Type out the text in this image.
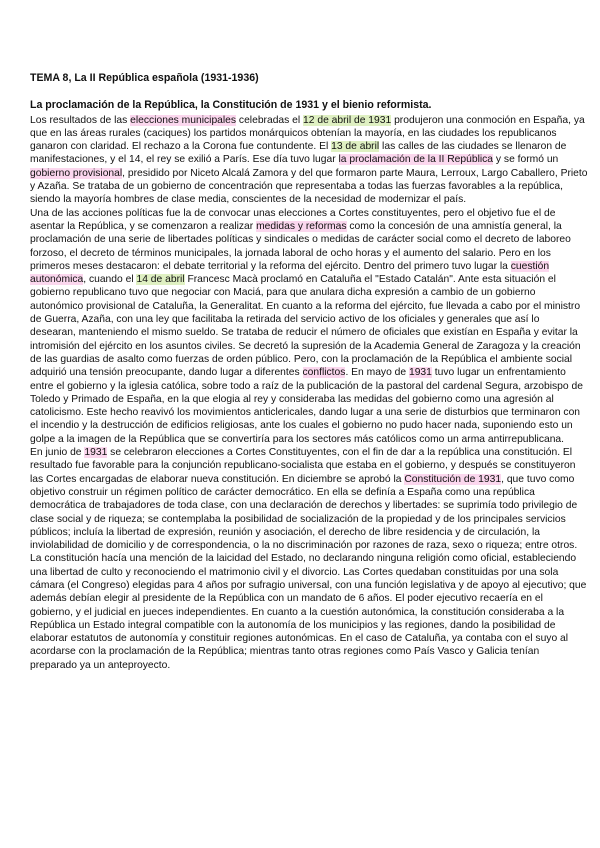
TEMA 8, La II República española (1931-1936)
La proclamación de la República, la Constitución de 1931 y el bienio reformista.

Los resultados de las elecciones municipales celebradas el 12 de abril de 1931 produjeron una conmoción en España, ya que en las áreas rurales (caciques) los partidos monárquicos obtenían la mayoría, en las ciudades los republicanos ganaron con claridad. El rechazo a la Corona fue contundente. El 13 de abril las calles de las ciudades se llenaron de manifestaciones, y el 14, el rey se exilió a París. Ese día tuvo lugar la proclamación de la II República y se formó un gobierno provisional, presidido por Niceto Alcalá Zamora y del que formaron parte Maura, Lerroux, Largo Caballero, Prieto y Azaña. Se trataba de un gobierno de concentración que representaba a todas las fuerzas favorables a la república, siendo la mayoría hombres de clase media, conscientes de la necesidad de modernizar el país.

Una de las acciones políticas fue la de convocar unas elecciones a Cortes constituyentes, pero el objetivo fue el de asentar la República, y se comenzaron a realizar medidas y reformas como la concesión de una amnistía general, la proclamación de una serie de libertades políticas y sindicales o medidas de carácter social como el decreto de laboreo forzoso, el decreto de términos municipales, la jornada laboral de ocho horas y el aumento del salario. Pero en los primeros meses destacaron: el debate territorial y la reforma del ejército. Dentro del primero tuvo lugar la cuestión autonómica, cuando el 14 de abril Francesc Macà proclamó en Cataluña el "Estado Catalán". Ante esta situación el gobierno republicano tuvo que negociar con Maciá, para que anulara dicha expresión a cambio de un gobierno autonómico provisional de Cataluña, la Generalitat. En cuanto a la reforma del ejército, fue llevada a cabo por el ministro de Guerra, Azaña, con una ley que facilitaba la retirada del servicio activo de los oficiales y generales que así lo desearan, manteniendo el mismo sueldo. Se trataba de reducir el número de oficiales que existían en España y evitar la intromisión del ejército en los asuntos civiles. Se decretó la supresión de la Academia General de Zaragoza y la creación de las guardias de asalto como fuerzas de orden público. Pero, con la proclamación de la República el ambiente social adquirió una tensión preocupante, dando lugar a diferentes conflictos. En mayo de 1931 tuvo lugar un enfrentamiento entre el gobierno y la iglesia católica, sobre todo a raíz de la publicación de la pastoral del cardenal Segura, arzobispo de Toledo y Primado de España, en la que elogia al rey y consideraba las medidas del gobierno como una agresión al catolicismo. Este hecho reavivó los movimientos anticlericales, dando lugar a una serie de disturbios que terminaron con el incendio y la destrucción de edificios religiosas, ante los cuales el gobierno no pudo hacer nada, suponiendo esto un golpe a la imagen de la República que se convertiría para los sectores más católicos como un arma antirrepublicana.

En junio de 1931 se celebraron elecciones a Cortes Constituyentes, con el fin de dar a la república una constitución. El resultado fue favorable para la conjunción republicano-socialista que estaba en el gobierno, y después se constituyeron las Cortes encargadas de elaborar nueva constitución. En diciembre se aprobó la Constitución de 1931, que tuvo como objetivo construir un régimen político de carácter democrático. En ella se definía a España como una república democrática de trabajadores de toda clase, con una declaración de derechos y libertades: se suprimía todo privilegio de clase social y de riqueza; se contemplaba la posibilidad de socialización de la propiedad y de los principales servicios públicos; incluía la libertad de expresión, reunión y asociación, el derecho de libre residencia y de circulación, la inviolabilidad de domicilio y de correspondencia, o la no discriminación por razones de raza, sexo o riqueza; entre otros. La constitución hacía una mención de la laicidad del Estado, no declarando ninguna religión como oficial, estableciendo una libertad de culto y reconociendo el matrimonio civil y el divorcio. Las Cortes quedaban constituidas por una sola cámara (el Congreso) elegidas para 4 años por sufragio universal, con una función legislativa y de apoyo al ejecutivo; que además debían elegir al presidente de la República con un mandato de 6 años. El poder ejecutivo recaería en el gobierno, y el judicial en jueces independientes. En cuanto a la cuestión autonómica, la constitución consideraba a la República un Estado integral compatible con la autonomía de los municipios y las regiones, dando la posibilidad de elaborar estatutos de autonomía y constituir regiones autonómicas. En el caso de Cataluña, ya contaba con el suyo al acordarse con la proclamación de la República; mientras tanto otras regiones como País Vasco y Galicia tenían preparado ya un anteproyecto.
